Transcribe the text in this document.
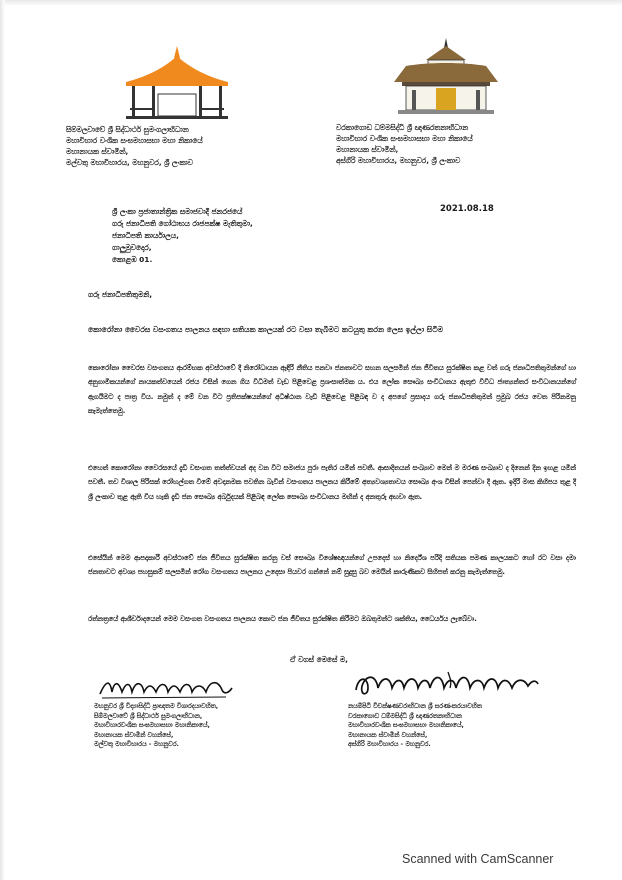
සිම්මලවාවේ ශ්‍රී සිද්ධාර්ථ සුමංගලාභිධාන
මහාවිහාර වංශික සංඝමහාසභා මහා නිකායේ
මහානායක ස්වාමීන්,
මල්වතු මහාවිහාරය, මහනුවර, ශ්‍රී ලංකාව
වරකාගොඩ ධම්මසිද්ධි ශ්‍රී ඥාණරතනාභිධාන
මහාවිහාර වංශික සංඝමහාසභා මහා නිකායේ
මහානායක ස්වාමීන්,
අස්ගිරි මහාවිහාරය, මහනුවර, ශ්‍රී ලංකාව
2021.08.18
ශ්‍රී ලංකා ප්‍රජාතාන්ත්‍රික සමාජවාදී ජනරජයේ
ගරු ජනාධිපති ගෝඨාභය රාජපක්ෂ මැතිතුමා,
ජනාධිපති කාර්යාලය,
ගාලුමුවදොර,
කොළඹ 01.
ගරු ජනාධිපතිතුමනි,
කොරෝනා වෛරස වසංගතය පාලනය සඳහා සතියක කාලයක් රට වසා තැබීමට කටයුතු කරන ලෙස ඉල්ලා සිටීම
කොරෝනා වෛරස වසංගතය ආරම්භක අවස්ථාවේ දී නිරෝධායන ඇඳිරි නීතිය පනවා ජනතාවට සහන සලසමින් ජන ජීවිතය සුරක්ෂිත කළ වත් ගරු ජනාධිපතිතුමන්ගේ හා අනුගාමිකයන්ගේ නායකත්වයෙන් රජය විසින් ගෙන ගිය විධිමත් වැඩ පිළිවෙළ ප්‍රශංසාත්මක ය. එය ලෝක සෞඛ්‍ය සංවිධානය ඇතුළු විවිධ ජාත්‍යන්තර සංවිධානයන්ගේ ඇගයීමට ද පාත්‍ර විය. නමුත් ද මේ වන විට ප්‍රතිපක්ෂයන්ගේ අධිෂ්ඨාන වැඩි පිළිවෙළ පිළිබඳ ව ද අපගේ ප්‍රසාදය ගරු ජනාධිපතිතුමන් ප්‍රමුඛ රජය වෙත පිරිනමනු කැමැත්තෙමු.
එහෙත් කොරෝනා වෛරසයේ දැඩි වසංගත තත්ත්වයන් අද වන විට සමාජය පුරා පැතිර යමින් පවතී. ආසාදිතයන් සංඛ්‍යාව මෙන් ම මරණ සංඛ්‍යාව ද දිනෙන් දින ඉහළ යමින් පවතී. තව විශාල පිරිසක් රෝහල්ගත වීමේ අවදානමක පවතින බැවින් වසංගතය පාලනය කිරීමේ අත්‍යවශ්‍යතාවය සෞඛ්‍ය අංශ විසින් පෙන්වා දී ඇත. ඉදිරි මාස කිහිපය තුළ දී ශ්‍රී ලංකාව තුළ ඇති විය හැකි දැඩි ජන සෞඛ්‍ය අර්බුදයක් පිළිබඳ ලෝක සෞඛ්‍ය සංවිධානය මඟින් ද අනතුරු අඟවා ඇත.
එසේයින් මෙම ආපදාකාරී අවස්ථාවේ ජන ජීවිතය සුරක්ෂිත කරනු වස් සෞඛ්‍ය විශේෂඥයන්ගේ උපදෙස් හා නිර්දේශ පරිදි සතියක පමණ කාලයකට හෝ රට වසා දමා ජනතාවට අවශ්‍ය පහසුකම් සලසමින් රෝග වසංගතය පාලනය උදෙසා පියවර ගන්නේ නම් සුදුසු බව මෙයින් කාරුණිකව සිහිපත් කරනු කැමැත්තෙමු.
රත්නත්‍රයේ ආශීර්වාදයෙන් මෙම වසංගත වසංගතය පාලනය කොට ජන ජීවිතය සුරක්ෂිත කිරීමට ඔබතුමන්ට ශක්තිය, ධෛර්යය ලැබේවා.
ඒ වගස් මෙසේ ම,
මහනුවර ශ්‍රී විද්‍යාසිද්ධි ප්‍රාඥතම විශාරදයාවහිත,
සිම්මලවාවේ ශ්‍රී සිද්ධාර්ථ සුමංගලාභිධාන,
මහාවිහාරවංශික සංඝමහාසභා මහානිකායේ,
මහානායක ස්වාමීන් වහන්සේ,
මල්වතු මහාවිහාරය - මහනුවර.
නයම්පිටි විචක්ෂණවරාභිධාන ශ්‍රී සරණංකරයාවහිත
වරකාගොඩ ධම්මසිද්ධි ශ්‍රී ඥාණරතනාභිධාන
මහාවිහාරවංශික සංඝමහාසභා මහානිකායේ,
මහානායක ස්වාමීන් වහන්සේ,
අස්ගිරි මහාවිහාරය - මහනුවර.
Scanned with CamScanner
